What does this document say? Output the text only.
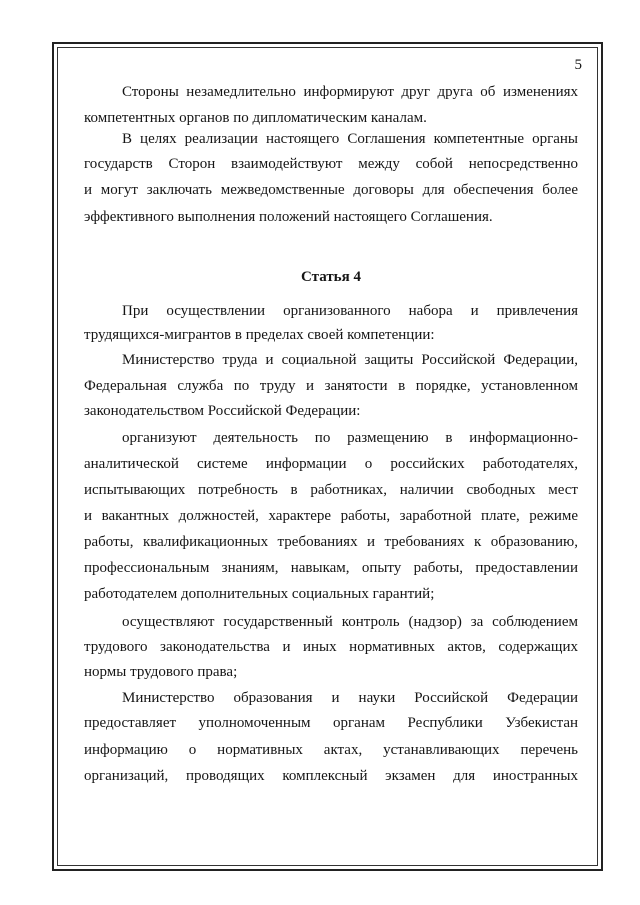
5
Стороны незамедлительно информируют друг друга об изменениях
компетентных органов по дипломатическим каналам.
В целях реализации настоящего Соглашения компетентные органы
государств Сторон взаимодействуют между собой непосредственно
и могут заключать межведомственные договоры для обеспечения более
эффективного выполнения положений настоящего Соглашения.
Статья 4
При осуществлении организованного набора и привлечения
трудящихся-мигрантов в пределах своей компетенции:
Министерство труда и социальной защиты Российской Федерации,
Федеральная служба по труду и занятости в порядке, установленном
законодательством Российской Федерации:
организуют деятельность по размещению в информационно-
аналитической системе информации о российских работодателях,
испытывающих потребность в работниках, наличии свободных мест
и вакантных должностей, характере работы, заработной плате, режиме
работы, квалификационных требованиях и требованиях к образованию,
профессиональным знаниям, навыкам, опыту работы, предоставлении
работодателем дополнительных социальных гарантий;
осуществляют государственный контроль (надзор) за соблюдением
трудового законодательства и иных нормативных актов, содержащих
нормы трудового права;
Министерство образования и науки Российской Федерации
предоставляет уполномоченным органам Республики Узбекистан
информацию о нормативных актах, устанавливающих перечень
организаций, проводящих комплексный экзамен для иностранных
